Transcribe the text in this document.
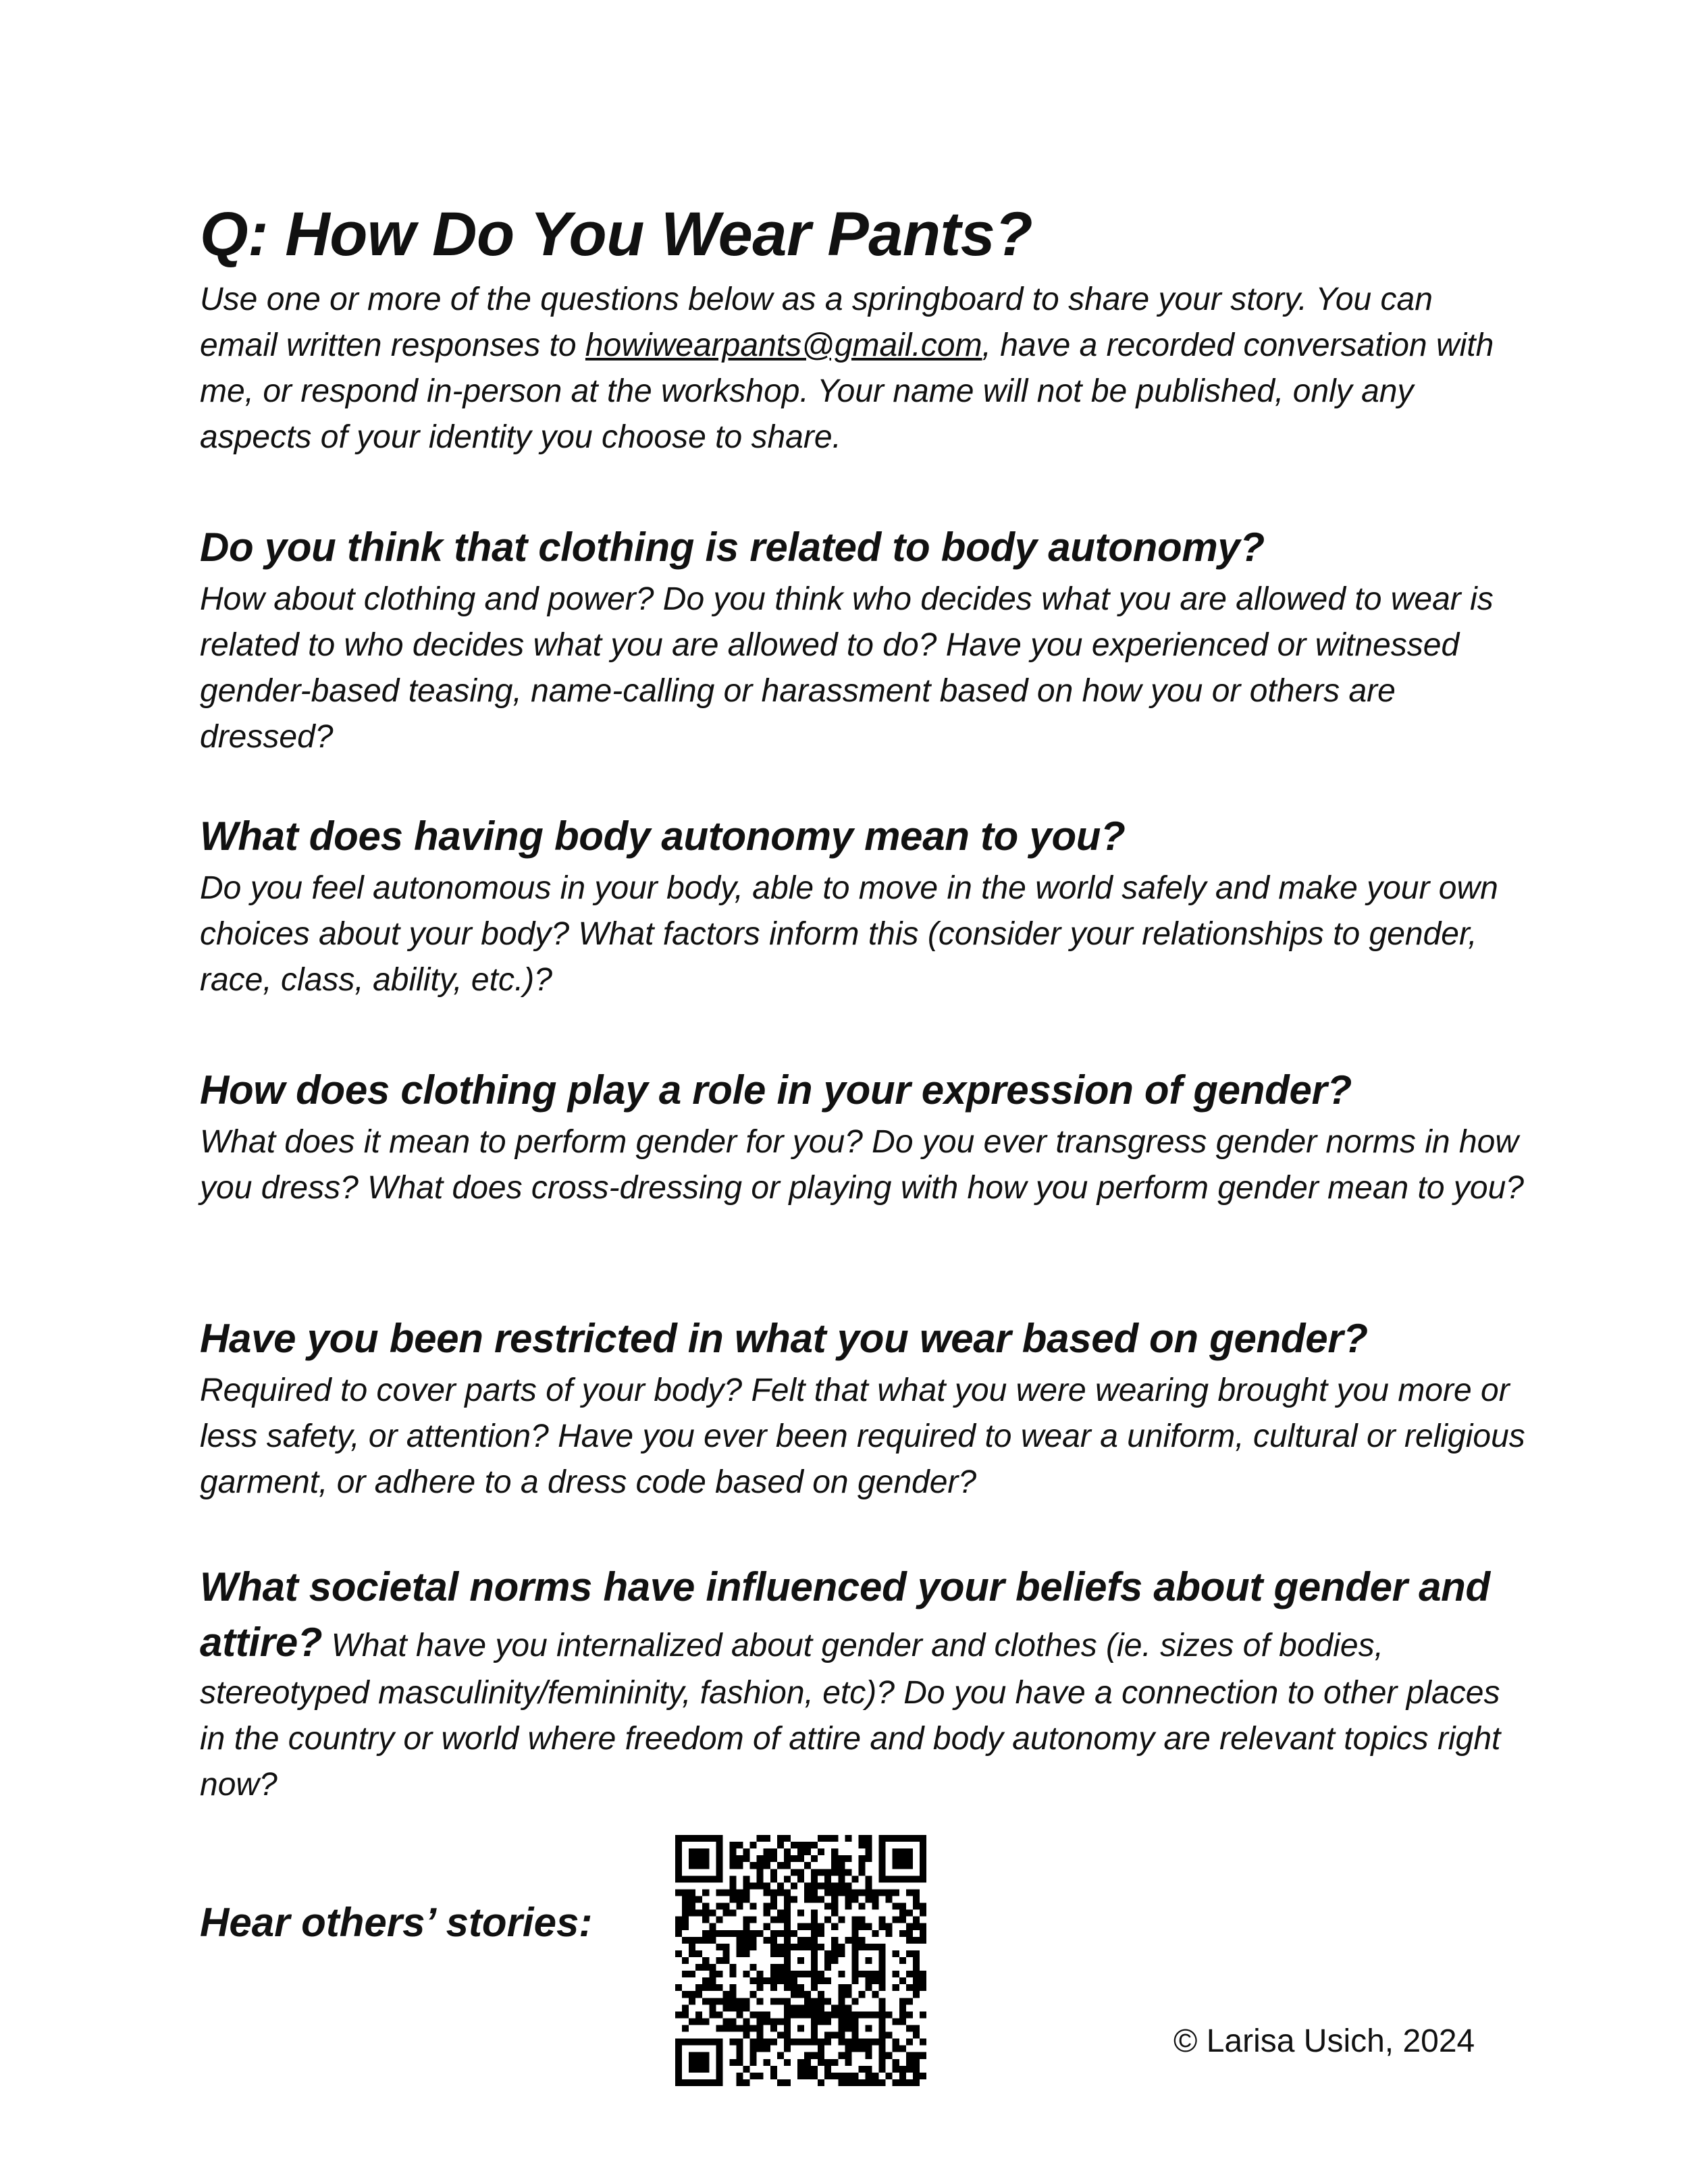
Q: How Do You Wear Pants?

Use one or more of the questions below as a springboard to share your story. You can email written responses to howiwearpants@gmail.com, have a recorded conversation with me, or respond in-person at the workshop. Your name will not be published, only any aspects of your identity you choose to share.

Do you think that clothing is related to body autonomy?

How about clothing and power? Do you think who decides what you are allowed to wear is related to who decides what you are allowed to do? Have you experienced or witnessed gender-based teasing, name-calling or harassment based on how you or others are dressed?

What does having body autonomy mean to you?

Do you feel autonomous in your body, able to move in the world safely and make your own choices about your body? What factors inform this (consider your relationships to gender, race, class, ability, etc.)?

How does clothing play a role in your expression of gender?

What does it mean to perform gender for you? Do you ever transgress gender norms in how you dress? What does cross-dressing or playing with how you perform gender mean to you?

Have you been restricted in what you wear based on gender?

Required to cover parts of your body? Felt that what you were wearing brought you more or less safety, or attention? Have you ever been required to wear a uniform, cultural or religious garment, or adhere to a dress code based on gender?

What societal norms have influenced your beliefs about gender and attire? What have you internalized about gender and clothes (ie. sizes of bodies, stereotyped masculinity/femininity, fashion, etc)? Do you have a connection to other places in the country or world where freedom of attire and body autonomy are relevant topics right now?

Hear others’ stories:

© Larisa Usich, 2024
